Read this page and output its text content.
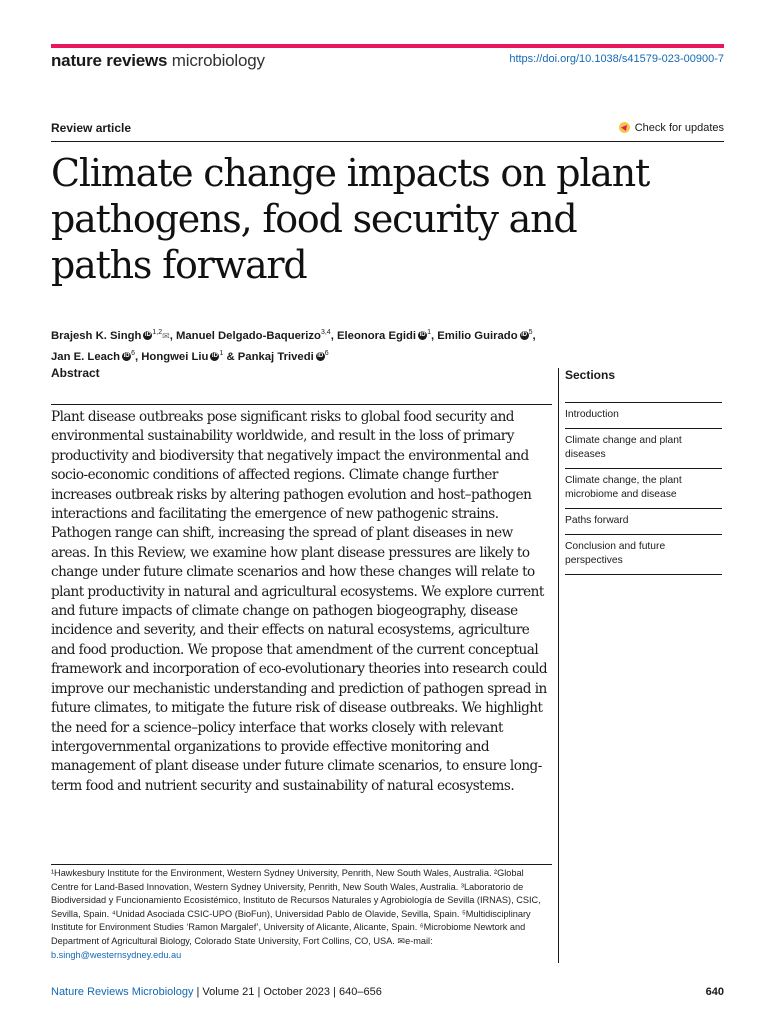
nature reviews microbiology	https://doi.org/10.1038/s41579-023-00900-7
Review article	Check for updates
Climate change impacts on plant pathogens, food security and paths forward
Brajesh K. Singh iD $^{1,2}$✉, Manuel Delgado-Baquerizo$^{3,4}$, Eleonora Egidi iD $^1$, Emilio Guirado iD $^5$,
Jan E. Leach iD $^6$, Hongwei Liu iD $^1$ & Pankaj Trivedi iD $^6$
Abstract

Plant disease outbreaks pose significant risks to global food security and environmental sustainability worldwide, and result in the loss of primary productivity and biodiversity that negatively impact the environmental and socio-economic conditions of affected regions. Climate change further increases outbreak risks by altering pathogen evolution and host–pathogen interactions and facilitating the emergence of new pathogenic strains. Pathogen range can shift, increasing the spread of plant diseases in new areas. In this Review, we examine how plant disease pressures are likely to change under future climate scenarios and how these changes will relate to plant productivity in natural and agricultural ecosystems. We explore current and future impacts of climate change on pathogen biogeography, disease incidence and severity, and their effects on natural ecosystems, agriculture and food production. We propose that amendment of the current conceptual framework and incorporation of eco-evolutionary theories into research could improve our mechanistic understanding and prediction of pathogen spread in future climates, to mitigate the future risk of disease outbreaks. We highlight the need for a science–policy interface that works closely with relevant intergovernmental organizations to provide effective monitoring and management of plant disease under future climate scenarios, to ensure long-term food and nutrient security and sustainability of natural ecosystems.

Sections
Introduction
Climate change and plant diseases
Climate change, the plant microbiome and disease
Paths forward
Conclusion and future perspectives
¹Hawkesbury Institute for the Environment, Western Sydney University, Penrith, New South Wales, Australia. ²Global Centre for Land-Based Innovation, Western Sydney University, Penrith, New South Wales, Australia. ³Laboratorio de Biodiversidad y Funcionamiento Ecosistémico, Instituto de Recursos Naturales y Agrobiología de Sevilla (IRNAS), CSIC, Sevilla, Spain. ⁴Unidad Asociada CSIC-UPO (BioFun), Universidad Pablo de Olavide, Sevilla, Spain. ⁵Multidisciplinary Institute for Environment Studies ‘Ramon Margalef’, University of Alicante, Alicante, Spain. ⁶Microbiome Newtork and Department of Agricultural Biology, Colorado State University, Fort Collins, CO, USA. ✉e-mail: b.singh@westernsydney.edu.au
Nature Reviews Microbiology | Volume 21 | October 2023 | 640–656	640
